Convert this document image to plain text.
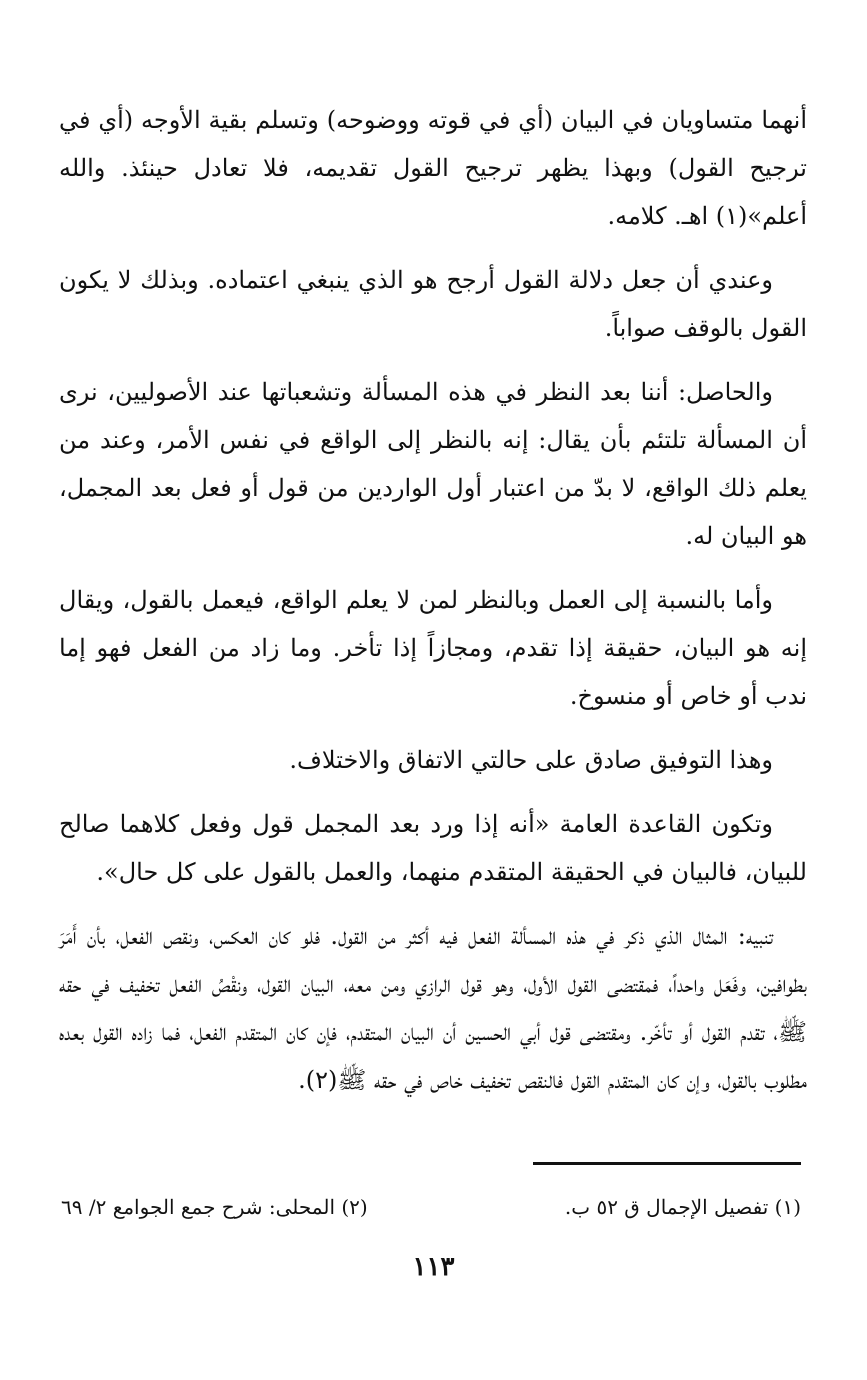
أنهما متساويان في البيان (أي في قوته ووضوحه) وتسلم بقية الأوجه (أي في ترجيح القول) وبهذا يظهر ترجيح القول تقديمه، فلا تعادل حينئذ. والله أعلم»(١) اهـ. كلامه.

وعندي أن جعل دلالة القول أرجح هو الذي ينبغي اعتماده. وبذلك لا يكون القول بالوقف صواباً.

والحاصل: أننا بعد النظر في هذه المسألة وتشعباتها عند الأصوليين، نرى أن المسألة تلتئم بأن يقال: إنه بالنظر إلى الواقع في نفس الأمر، وعند من يعلم ذلك الواقع، لا بدّ من اعتبار أول الواردين من قول أو فعل بعد المجمل، هو البيان له.

وأما بالنسبة إلى العمل وبالنظر لمن لا يعلم الواقع، فيعمل بالقول، ويقال إنه هو البيان، حقيقة إذا تقدم، ومجازاً إذا تأخر. وما زاد من الفعل فهو إما ندب أو خاص أو منسوخ.

وهذا التوفيق صادق على حالتي الاتفاق والاختلاف.

وتكون القاعدة العامة «أنه إذا ورد بعد المجمل قول وفعل كلاهما صالح للبيان، فالبيان في الحقيقة المتقدم منهما، والعمل بالقول على كل حال».

تنبيه: المثال الذي ذكر في هذه المسألة الفعل فيه أكثر من القول. فلو كان العكس، ونقص الفعل، بأن أَمَرَ بطوافين، وفَعَل واحداً، فمقتضى القول الأول، وهو قول الرازي ومن معه، البيان القول، ونقْصُ الفعل تخفيف في حقه ﷺ، تقدم القول أو تأخّر. ومقتضى قول أبي الحسين أن البيان المتقدم، فإن كان المتقدم الفعل، فما زاده القول بعده مطلوب بالقول، وإن كان المتقدم القول فالنقص تخفيف خاص في حقه ﷺ(٢).

(١) تفصيل الإجمال ق ٥٢ ب.
(٢) المحلى: شرح جمع الجوامع ٢/ ٦٩
١١٣
